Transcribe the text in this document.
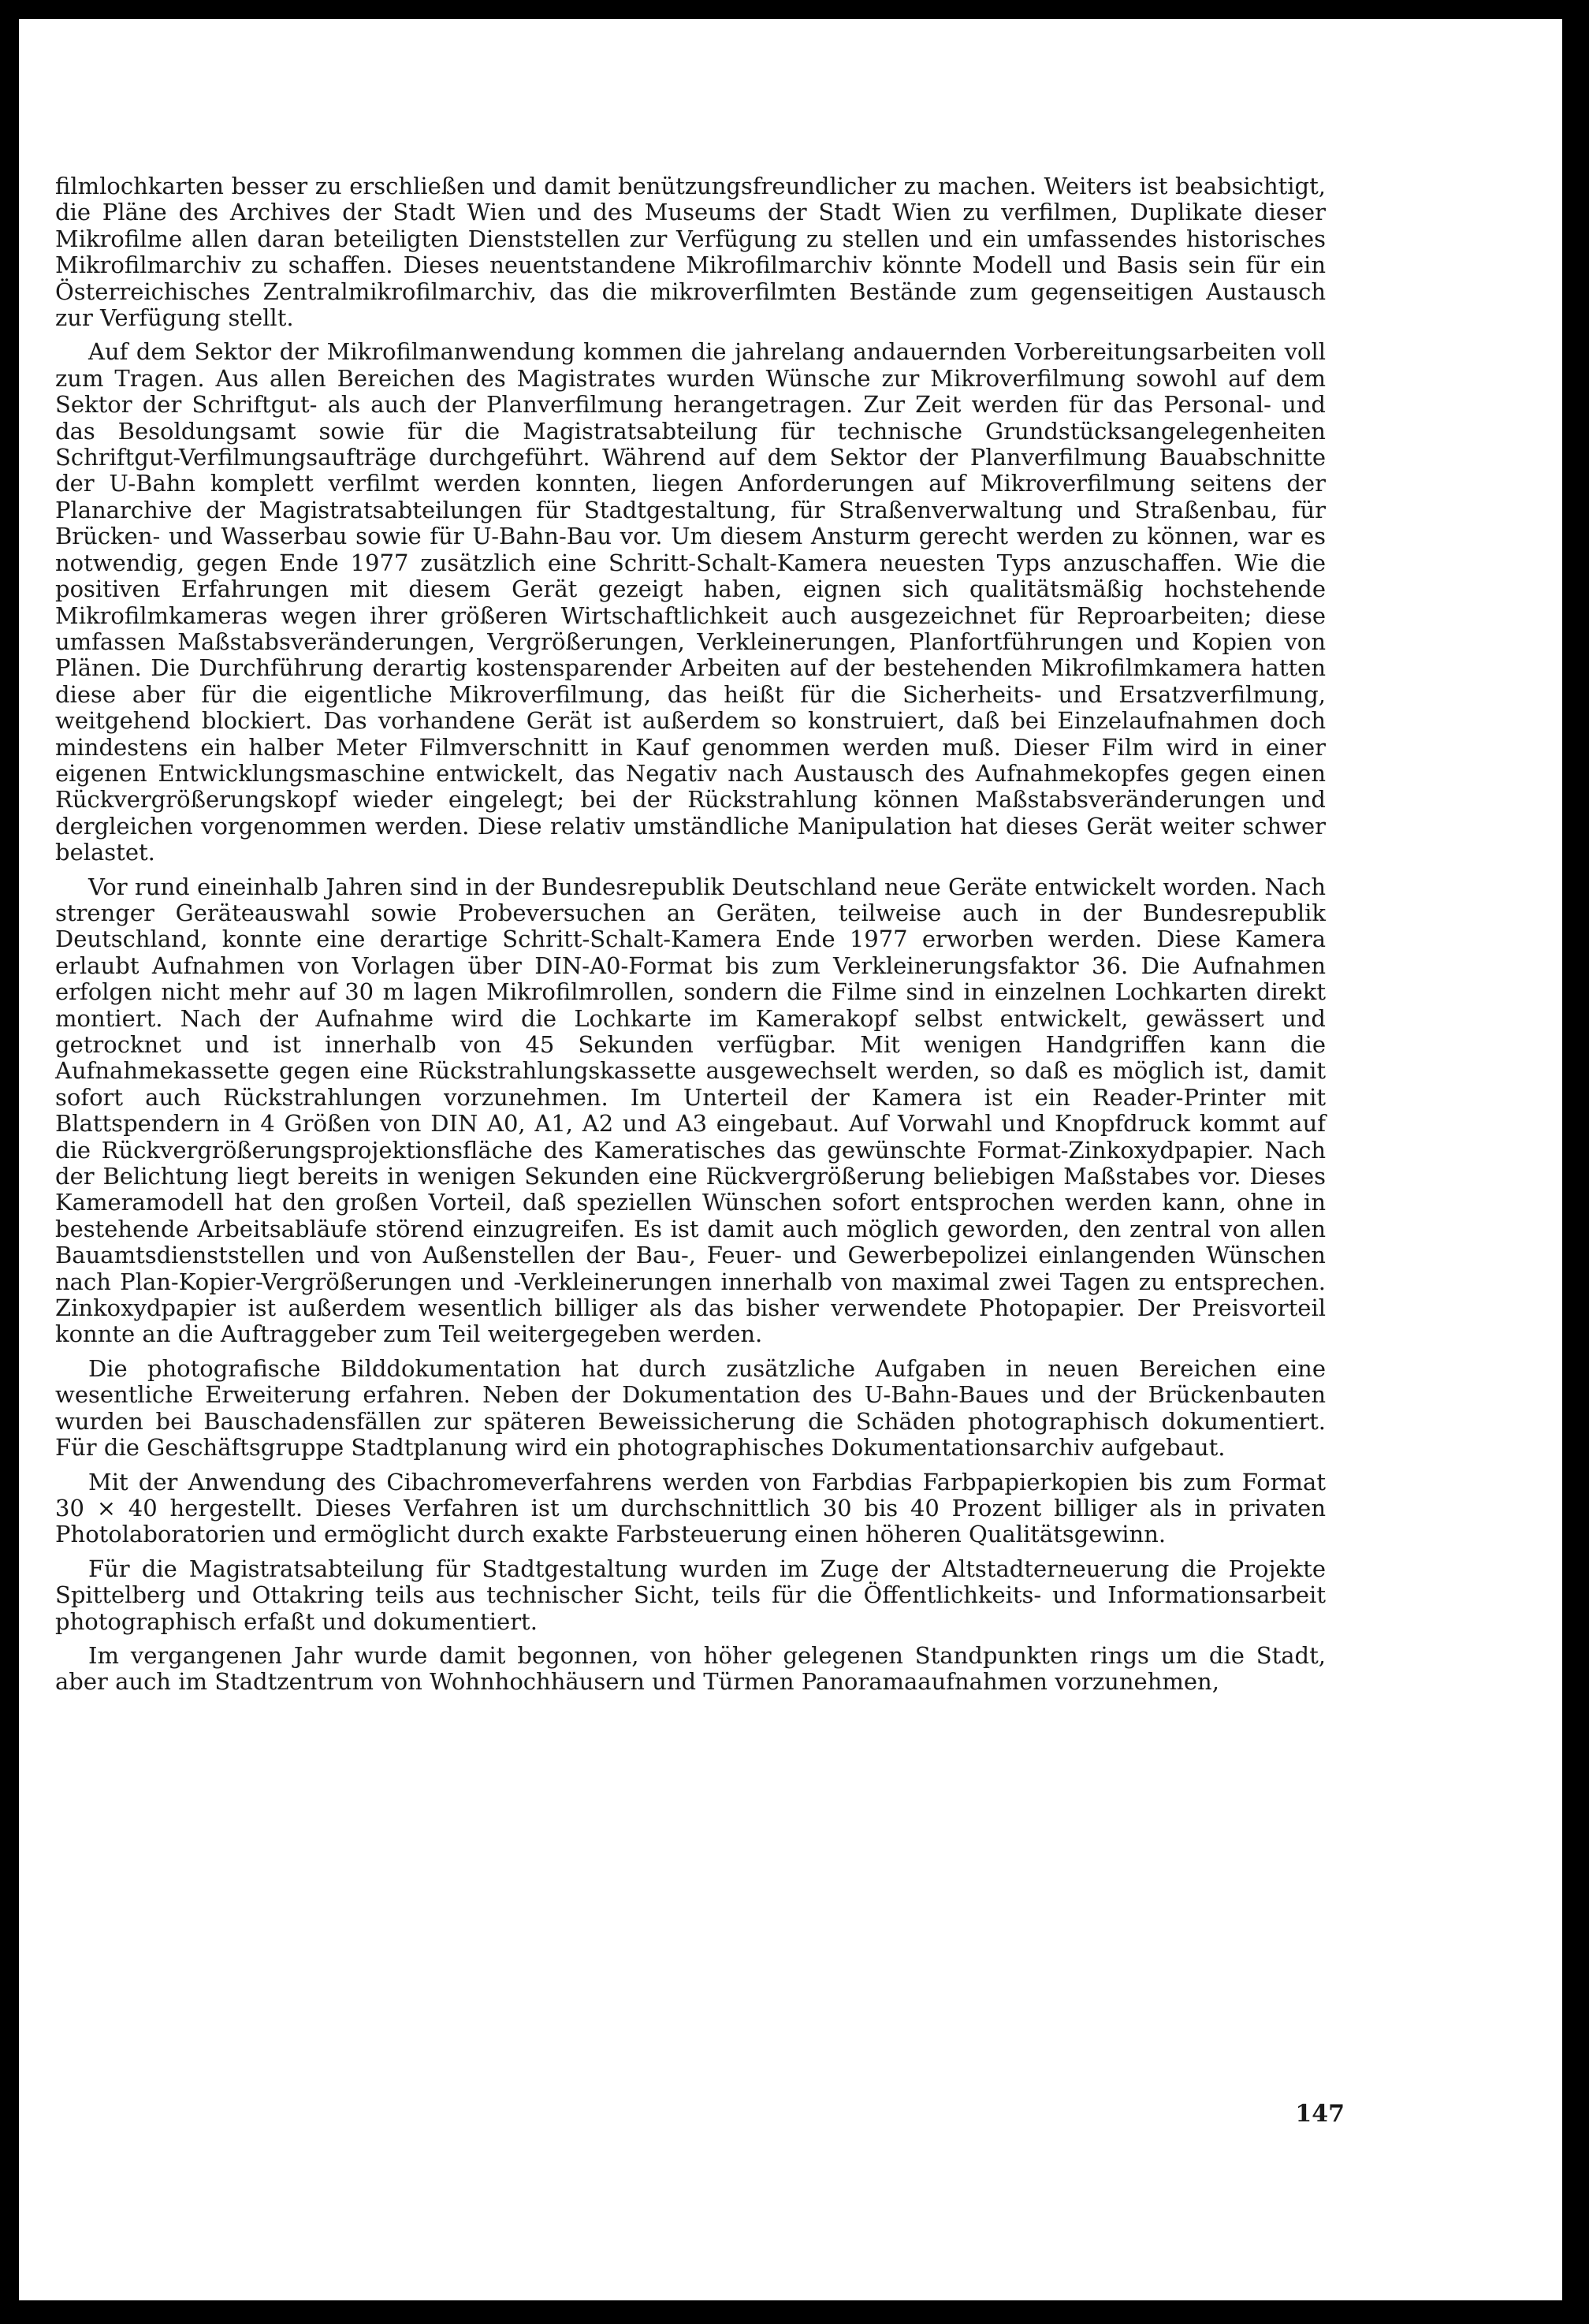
filmlochkarten besser zu erschließen und damit benützungsfreundlicher zu machen. Weiters ist beabsichtigt, die Pläne des Archives der Stadt Wien und des Museums der Stadt Wien zu verfilmen, Duplikate dieser Mikrofilme allen daran beteiligten Dienststellen zur Verfügung zu stellen und ein umfassendes historisches Mikrofilmarchiv zu schaffen. Dieses neuentstandene Mikrofilmarchiv könnte Modell und Basis sein für ein Österreichisches Zentralmikrofilmarchiv, das die mikroverfilmten Bestände zum gegenseitigen Austausch zur Verfügung stellt.

Auf dem Sektor der Mikrofilmanwendung kommen die jahrelang andauernden Vorbereitungsarbeiten voll zum Tragen. Aus allen Bereichen des Magistrates wurden Wünsche zur Mikroverfilmung sowohl auf dem Sektor der Schriftgut- als auch der Planverfilmung herangetragen. Zur Zeit werden für das Personal- und das Besoldungsamt sowie für die Magistratsabteilung für technische Grundstücksangelegenheiten Schriftgut-Verfilmungsaufträge durchgeführt. Während auf dem Sektor der Planverfilmung Bauabschnitte der U-Bahn komplett verfilmt werden konnten, liegen Anforderungen auf Mikroverfilmung seitens der Planarchive der Magistratsabteilungen für Stadtgestaltung, für Straßenverwaltung und Straßenbau, für Brücken- und Wasserbau sowie für U-Bahn-Bau vor. Um diesem Ansturm gerecht werden zu können, war es notwendig, gegen Ende 1977 zusätzlich eine Schritt-Schalt-Kamera neuesten Typs anzuschaffen. Wie die positiven Erfahrungen mit diesem Gerät gezeigt haben, eignen sich qualitätsmäßig hochstehende Mikrofilmkameras wegen ihrer größeren Wirtschaftlichkeit auch ausgezeichnet für Reproarbeiten; diese umfassen Maßstabsveränderungen, Vergrößerungen, Verkleinerungen, Planfortführungen und Kopien von Plänen. Die Durchführung derartig kostensparender Arbeiten auf der bestehenden Mikrofilmkamera hatten diese aber für die eigentliche Mikroverfilmung, das heißt für die Sicherheits- und Ersatzverfilmung, weitgehend blockiert. Das vorhandene Gerät ist außerdem so konstruiert, daß bei Einzelaufnahmen doch mindestens ein halber Meter Filmverschnitt in Kauf genommen werden muß. Dieser Film wird in einer eigenen Entwicklungsmaschine entwickelt, das Negativ nach Austausch des Aufnahmekopfes gegen einen Rückvergrößerungskopf wieder eingelegt; bei der Rückstrahlung können Maßstabsveränderungen und dergleichen vorgenommen werden. Diese relativ umständliche Manipulation hat dieses Gerät weiter schwer belastet.

Vor rund eineinhalb Jahren sind in der Bundesrepublik Deutschland neue Geräte entwickelt worden. Nach strenger Geräteauswahl sowie Probeversuchen an Geräten, teilweise auch in der Bundesrepublik Deutschland, konnte eine derartige Schritt-Schalt-Kamera Ende 1977 erworben werden. Diese Kamera erlaubt Aufnahmen von Vorlagen über DIN-A0-Format bis zum Verkleinerungsfaktor 36. Die Aufnahmen erfolgen nicht mehr auf 30 m lagen Mikrofilmrollen, sondern die Filme sind in einzelnen Lochkarten direkt montiert. Nach der Aufnahme wird die Lochkarte im Kamerakopf selbst entwickelt, gewässert und getrocknet und ist innerhalb von 45 Sekunden verfügbar. Mit wenigen Handgriffen kann die Aufnahmekassette gegen eine Rückstrahlungskassette ausgewechselt werden, so daß es möglich ist, damit sofort auch Rückstrahlungen vorzunehmen. Im Unterteil der Kamera ist ein Reader-Printer mit Blattspendern in 4 Größen von DIN A0, A1, A2 und A3 eingebaut. Auf Vorwahl und Knopfdruck kommt auf die Rückvergrößerungsprojektionsfläche des Kameratisches das gewünschte Format-Zinkoxydpapier. Nach der Belichtung liegt bereits in wenigen Sekunden eine Rückvergrößerung beliebigen Maßstabes vor. Dieses Kameramodell hat den großen Vorteil, daß speziellen Wünschen sofort entsprochen werden kann, ohne in bestehende Arbeitsabläufe störend einzugreifen. Es ist damit auch möglich geworden, den zentral von allen Bauamtsdienststellen und von Außenstellen der Bau-, Feuer- und Gewerbepolizei einlangenden Wünschen nach Plan-Kopier-Vergrößerungen und -Verkleinerungen innerhalb von maximal zwei Tagen zu entsprechen. Zinkoxydpapier ist außerdem wesentlich billiger als das bisher verwendete Photopapier. Der Preisvorteil konnte an die Auftraggeber zum Teil weitergegeben werden.

Die photografische Bilddokumentation hat durch zusätzliche Aufgaben in neuen Bereichen eine wesentliche Erweiterung erfahren. Neben der Dokumentation des U-Bahn-Baues und der Brückenbauten wurden bei Bauschadensfällen zur späteren Beweissicherung die Schäden photographisch dokumentiert. Für die Geschäftsgruppe Stadtplanung wird ein photographisches Dokumentationsarchiv aufgebaut.

Mit der Anwendung des Cibachromeverfahrens werden von Farbdias Farbpapierkopien bis zum Format 30 × 40 hergestellt. Dieses Verfahren ist um durchschnittlich 30 bis 40 Prozent billiger als in privaten Photolaboratorien und ermöglicht durch exakte Farbsteuerung einen höheren Qualitätsgewinn.

Für die Magistratsabteilung für Stadtgestaltung wurden im Zuge der Altstadterneuerung die Projekte Spittelberg und Ottakring teils aus technischer Sicht, teils für die Öffentlichkeits- und Informationsarbeit photographisch erfaßt und dokumentiert.

Im vergangenen Jahr wurde damit begonnen, von höher gelegenen Standpunkten rings um die Stadt, aber auch im Stadtzentrum von Wohnhochhäusern und Türmen Panoramaaufnahmen vorzunehmen,

147
